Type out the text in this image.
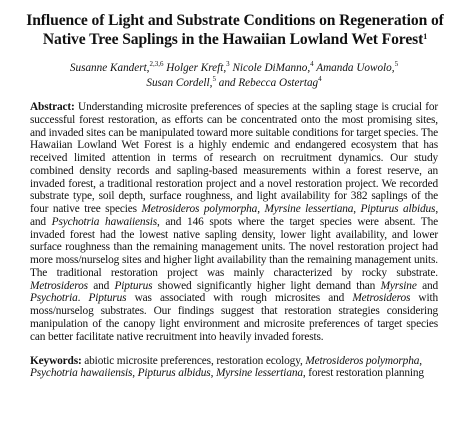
Influence of Light and Substrate Conditions on Regeneration of
Native Tree Saplings in the Hawaiian Lowland Wet Forest$^1$
Susanne Kandert,$^{2,3,6}$ Holger Kreft,$^3$ Nicole DiManno,$^4$ Amanda Uowolo,$^5$
Susan Cordell,$^5$ and Rebecca Ostertag$^4$

Abstract: Understanding microsite preferences of species at the sapling stage is crucial for successful forest restoration, as efforts can be concentrated onto the most promising sites, and invaded sites can be manipulated toward more suitable conditions for target species. The Hawaiian Lowland Wet Forest is a highly endemic and endangered ecosystem that has received limited attention in terms of research on recruitment dynamics. Our study combined density records and sapling-based measurements within a forest reserve, an invaded forest, a traditional restoration project and a novel restoration project. We recorded substrate type, soil depth, surface roughness, and light availability for 382 saplings of the four native tree species Metrosideros polymorpha, Myrsine lessertiana, Pipturus albidus, and Psychotria hawaiiensis, and 146 spots where the target species were absent. The invaded forest had the lowest native sapling density, lower light availability, and lower surface roughness than the remaining management units. The novel restoration project had more moss/nurselog sites and higher light availability than the remaining management units. The traditional restoration project was mainly characterized by rocky substrate. Metrosideros and Pipturus showed significantly higher light demand than Myrsine and Psychotria. Pipturus was associated with rough microsites and Metrosideros with moss/nurselog substrates. Our findings suggest that restoration strategies considering manipulation of the canopy light environment and microsite preferences of target species can better facilitate native recruitment into heavily invaded forests.

Keywords: abiotic microsite preferences, restoration ecology, Metrosideros polymorpha, Psychotria hawaiiensis, Pipturus albidus, Myrsine lessertiana, forest restoration planning
